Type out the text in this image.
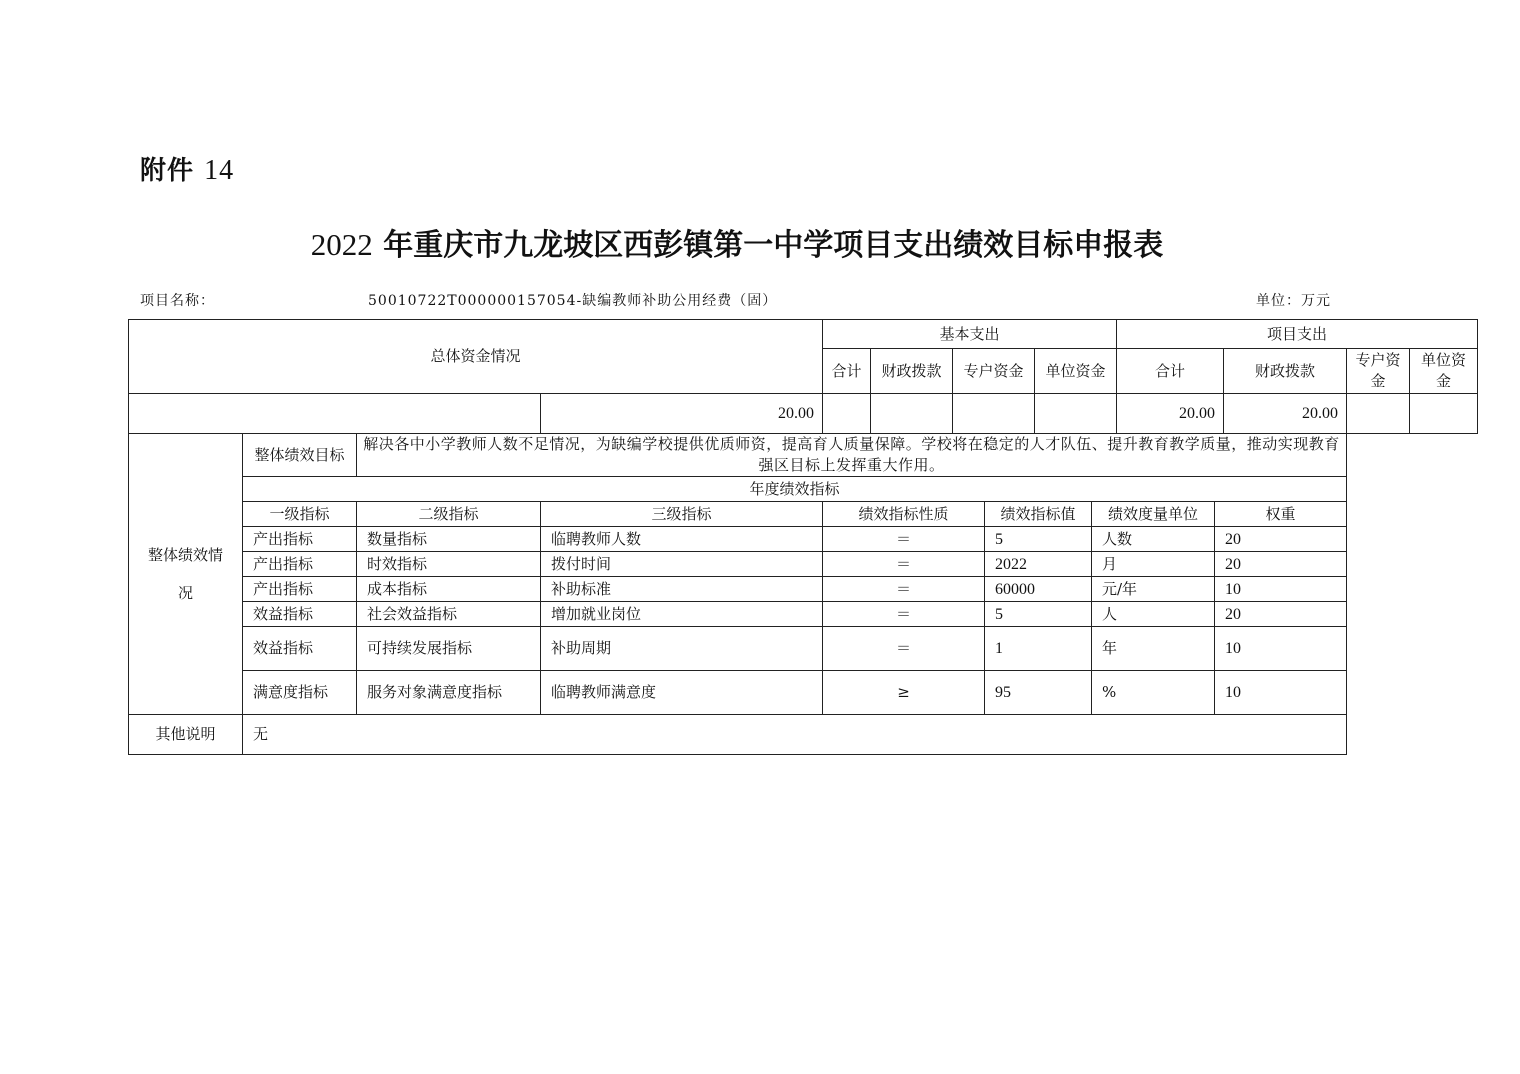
附件 14
2022 年重庆市九龙坡区西彭镇第一中学项目支出绩效目标申报表
项目名称：	50010722T000000157054-缺编教师补助公用经费（固）	单位：万元
总体资金情况		基本支出				项目支出			
		合计	财政拨款	专户资金	单位资金	合计	财政拨款	专户资金	单位资金
	20.00					20.00	20.00		
整体绩效情况	整体绩效目标	解决各中小学教师人数不足情况，为缺编学校提供优质师资，提高育人质量保障。学校将在稳定的人才队伍、提升教育教学质量，推动实现教育强区目标上发挥重大作用。					
	年度绩效指标						
	一级指标	二级指标	三级指标	绩效指标性质	绩效指标值	绩效度量单位	权重
	产出指标	数量指标	临聘教师人数	＝	5	人数	20
	产出指标	时效指标	拨付时间	＝	2022	月	20
	产出指标	成本指标	补助标准	＝	60000	元/年	10
	效益指标	社会效益指标	增加就业岗位	＝	5	人	20
	效益指标	可持续发展指标	补助周期	＝	1	年	10
	满意度指标	服务对象满意度指标	临聘教师满意度	≥	95	%	10
其他说明	无						
